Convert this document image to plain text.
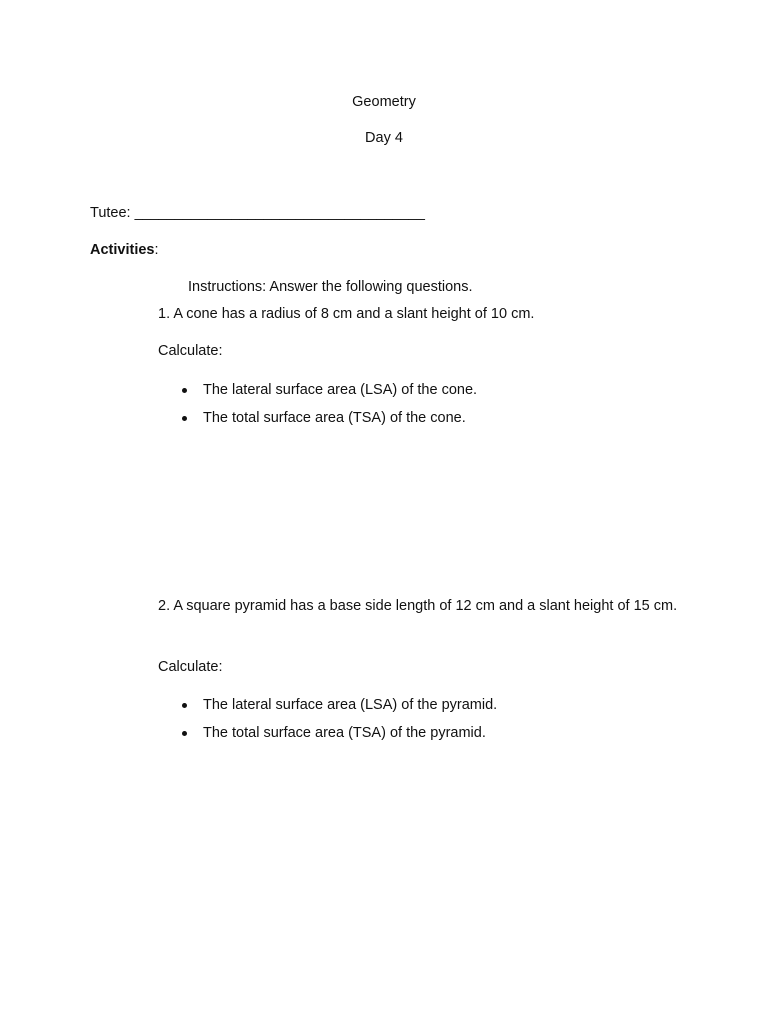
Geometry
Day 4
Tutee: ____________________________________
Activities:
Instructions: Answer the following questions.
1. A cone has a radius of 8 cm and a slant height of 10 cm.
Calculate:
The lateral surface area (LSA) of the cone.
The total surface area (TSA) of the cone.
2. A square pyramid has a base side length of 12 cm and a slant height of 15 cm.
Calculate:
The lateral surface area (LSA) of the pyramid.
The total surface area (TSA) of the pyramid.
